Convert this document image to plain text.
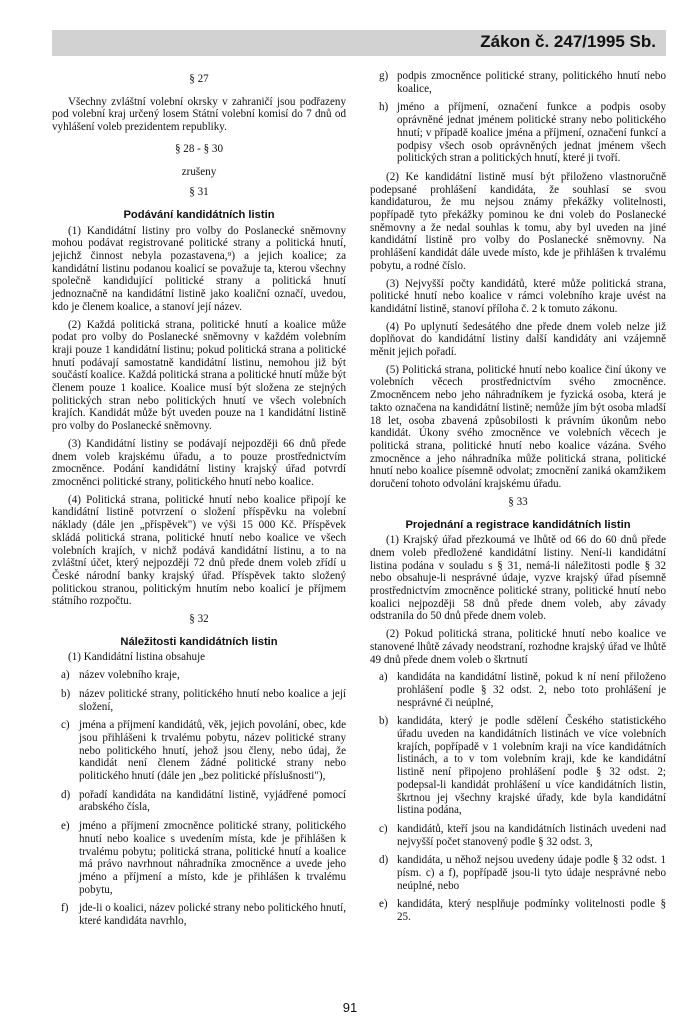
Zákon č. 247/1995 Sb.
§ 27

Všechny zvláštní volební okrsky v zahraničí jsou podřazeny pod volební kraj určený losem Státní volební komisí do 7 dnů od vyhlášení voleb prezidentem republiky.

§ 28 - § 30
zrušeny
§ 31
Podávání kandidátních listin

(1) Kandidátní listiny pro volby do Poslanecké sněmovny mohou podávat registrované politické strany a politická hnutí, jejichž činnost nebyla pozastavena,⁹) a jejich koalice; za kandidátní listinu podanou koalicí se považuje ta, kterou všechny společně kandidující politické strany a politická hnutí jednoznačně na kandidátní listině jako koaliční označí, uvedou, kdo je členem koalice, a stanoví její název.

(2) Každá politická strana, politické hnutí a koalice může podat pro volby do Poslanecké sněmovny v každém volebním kraji pouze 1 kandidátní listinu; pokud politická strana a politické hnutí podávají samostatně kandidátní listinu, nemohou již být součástí koalice. Každá politická strana a politické hnutí může být členem pouze 1 koalice. Koalice musí být složena ze stejných politických stran nebo politických hnutí ve všech volebních krajích. Kandidát může být uveden pouze na 1 kandidátní listině pro volby do Poslanecké sněmovny.

(3) Kandidátní listiny se podávají nejpozději 66 dnů přede dnem voleb krajskému úřadu, a to pouze prostřednictvím zmocněnce. Podání kandidátní listiny krajský úřad potvrdí zmocněnci politické strany, politického hnutí nebo koalice.

(4) Politická strana, politické hnutí nebo koalice připojí ke kandidátní listině potvrzení o složení příspěvku na volební náklady (dále jen „příspěvek") ve výši 15 000 Kč. Příspěvek skládá politická strana, politické hnutí nebo koalice ve všech volebních krajích, v nichž podává kandidátní listinu, a to na zvláštní účet, který nejpozději 72 dnů přede dnem voleb zřídí u České národní banky krajský úřad. Příspěvek takto složený politickou stranou, politickým hnutím nebo koalicí je příjmem státního rozpočtu.

§ 32
Náležitosti kandidátních listin

(1) Kandidátní listina obsahuje

a) název volebního kraje,
b) název politické strany, politického hnutí nebo koalice a její složení,
c) jména a příjmení kandidátů, věk, jejich povolání, obec, kde jsou přihlášeni k trvalému pobytu, název politické strany nebo politického hnutí, jehož jsou členy, nebo údaj, že kandidát není členem žádné politické strany nebo politického hnutí (dále jen „bez politické příslušnosti"),
d) pořadí kandidáta na kandidátní listině, vyjádřené pomocí arabského čísla,
e) jméno a příjmení zmocněnce politické strany, politického hnutí nebo koalice s uvedením místa, kde je přihlášen k trvalému pobytu; politická strana, politické hnutí a koalice má právo navrhnout náhradníka zmocněnce a uvede jeho jméno a příjmení a místo, kde je přihlášen k trvalému pobytu,
f) jde-li o koalici, název polické strany nebo politického hnutí, které kandidáta navrhlo,
g) podpis zmocněnce politické strany, politického hnutí nebo koalice,
h) jméno a příjmení, označení funkce a podpis osoby oprávněné jednat jménem politické strany nebo politického hnutí; v případě koalice jména a příjmení, označení funkcí a podpisy všech osob oprávněných jednat jménem všech politických stran a politických hnutí, které ji tvoří.

(2) Ke kandidátní listině musí být přiloženo vlastnoručně podepsané prohlášení kandidáta, že souhlasí se svou kandidaturou, že mu nejsou známy překážky volitelnosti, popřípadě tyto překážky pominou ke dni voleb do Poslanecké sněmovny a že nedal souhlas k tomu, aby byl uveden na jiné kandidátní listině pro volby do Poslanecké sněmovny. Na prohlášení kandidát dále uvede místo, kde je přihlášen k trvalému pobytu, a rodné číslo.

(3) Nejvyšší počty kandidátů, které může politická strana, politické hnutí nebo koalice v rámci volebního kraje uvést na kandidátní listině, stanoví příloha č. 2 k tomuto zákonu.

(4) Po uplynutí šedesátého dne přede dnem voleb nelze již doplňovat do kandidátní listiny další kandidáty ani vzájemně měnit jejich pořadí.

(5) Politická strana, politické hnutí nebo koalice činí úkony ve volebních věcech prostřednictvím svého zmocněnce. Zmocněncem nebo jeho náhradníkem je fyzická osoba, která je takto označena na kandidátní listině; nemůže jím být osoba mladší 18 let, osoba zbavená způsobilosti k právním úkonům nebo kandidát. Úkony svého zmocněnce ve volebních věcech je politická strana, politické hnutí nebo koalice vázána. Svého zmocněnce a jeho náhradníka může politická strana, politické hnutí nebo koalice písemně odvolat; zmocnění zaniká okamžikem doručení tohoto odvolání krajskému úřadu.

§ 33
Projednání a registrace kandidátních listin

(1) Krajský úřad přezkoumá ve lhůtě od 66 do 60 dnů přede dnem voleb předložené kandidátní listiny. Není-li kandidátní listina podána v souladu s § 31, nemá-li náležitosti podle § 32 nebo obsahuje-li nesprávné údaje, vyzve krajský úřad písemně prostřednictvím zmocněnce politické strany, politické hnutí nebo koalici nejpozději 58 dnů přede dnem voleb, aby závady odstranila do 50 dnů přede dnem voleb.

(2) Pokud politická strana, politické hnutí nebo koalice ve stanovené lhůtě závady neodstraní, rozhodne krajský úřad ve lhůtě 49 dnů přede dnem voleb o škrtnutí

a) kandidáta na kandidátní listině, pokud k ní není přiloženo prohlášení podle § 32 odst. 2, nebo toto prohlášení je nesprávné či neúplné,
b) kandidáta, který je podle sdělení Českého statistického úřadu uveden na kandidátních listinách ve více volebních krajích, popřípadě v 1 volebním kraji na více kandidátních listinách, a to v tom volebním kraji, kde ke kandidátní listině není připojeno prohlášení podle § 32 odst. 2; podepsal-li kandidát prohlášení u více kandidátních listin, škrtnou jej všechny krajské úřady, kde byla kandidátní listina podána,
c) kandidátů, kteří jsou na kandidátních listinách uvedeni nad nejvyšší počet stanovený podle § 32 odst. 3,
d) kandidáta, u něhož nejsou uvedeny údaje podle § 32 odst. 1 písm. c) a f), popřípadě jsou-li tyto údaje nesprávné nebo neúplné, nebo
e) kandidáta, který nesplňuje podmínky volitelnosti podle § 25.
91
